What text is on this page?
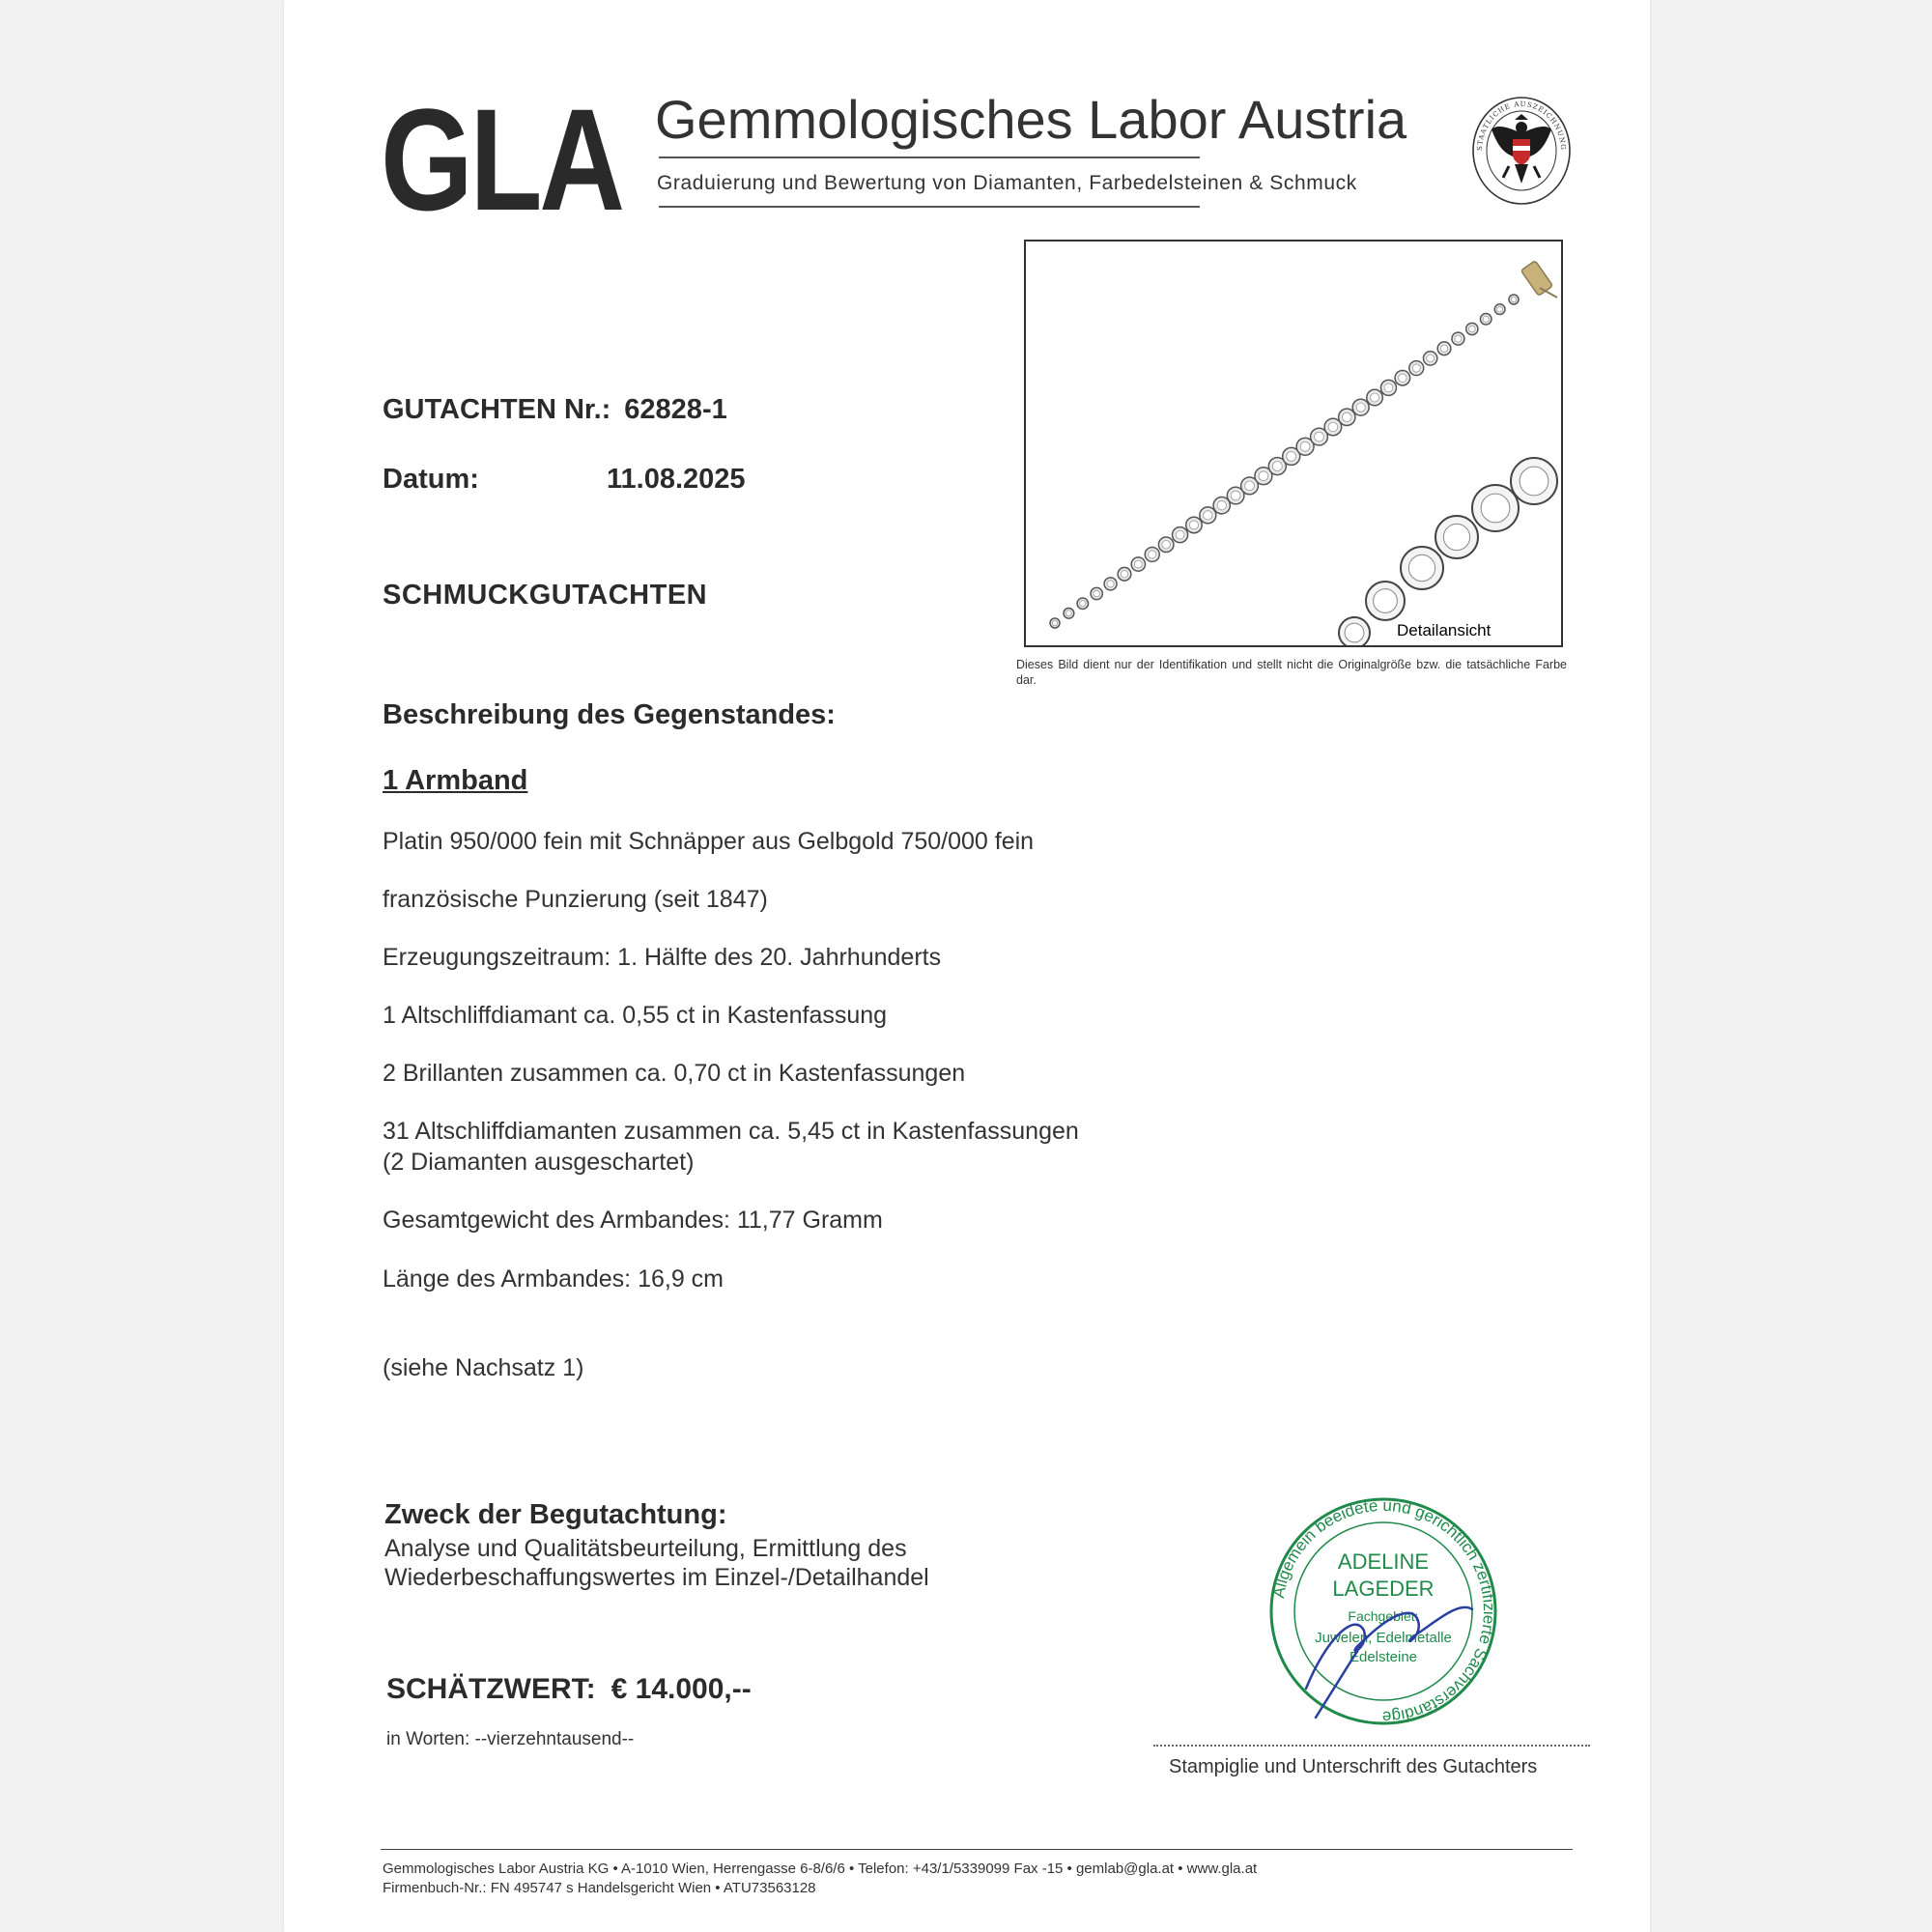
GLA Gemmologisches Labor Austria
Graduierung und Bewertung von Diamanten, Farbedelsteinen & Schmuck
STAATLICHE AUSZEICHNUNG
Detailansicht
Dieses Bild dient nur der Identifikation und stellt nicht die Originalgröße bzw. die tatsächliche Farbe dar.
GUTACHTEN Nr.: 62828-1
Datum:	11.08.2025
SCHMUCKGUTACHTEN
Beschreibung des Gegenstandes:
1 Armband
Platin 950/000 fein mit Schnäpper aus Gelbgold 750/000 fein
französische Punzierung (seit 1847)
Erzeugungszeitraum: 1. Hälfte des 20. Jahrhunderts
1 Altschliffdiamant ca. 0,55 ct in Kastenfassung
2 Brillanten zusammen ca. 0,70 ct in Kastenfassungen
31 Altschliffdiamanten zusammen ca. 5,45 ct in Kastenfassungen
(2 Diamanten ausgeschartet)
Gesamtgewicht des Armbandes: 11,77 Gramm
Länge des Armbandes: 16,9 cm
(siehe Nachsatz 1)
Zweck der Begutachtung:
Analyse und Qualitätsbeurteilung, Ermittlung des
Wiederbeschaffungswertes im Einzel-/Detailhandel
SCHÄTZWERT: € 14.000,--
in Worten: --vierzehntausend--
Allgemein beeidete und gerichtlich zertifizierte Sachverständige
ADELINE
LAGEDER
Fachgebiet:
Juwelen, Edelmetalle
Edelsteine
Stampiglie und Unterschrift des Gutachters
Gemmologisches Labor Austria KG • A-1010 Wien, Herrengasse 6-8/6/6 • Telefon: +43/1/5339099 Fax -15 • gemlab@gla.at • www.gla.at
Firmenbuch-Nr.: FN 495747 s Handelsgericht Wien • ATU73563128
